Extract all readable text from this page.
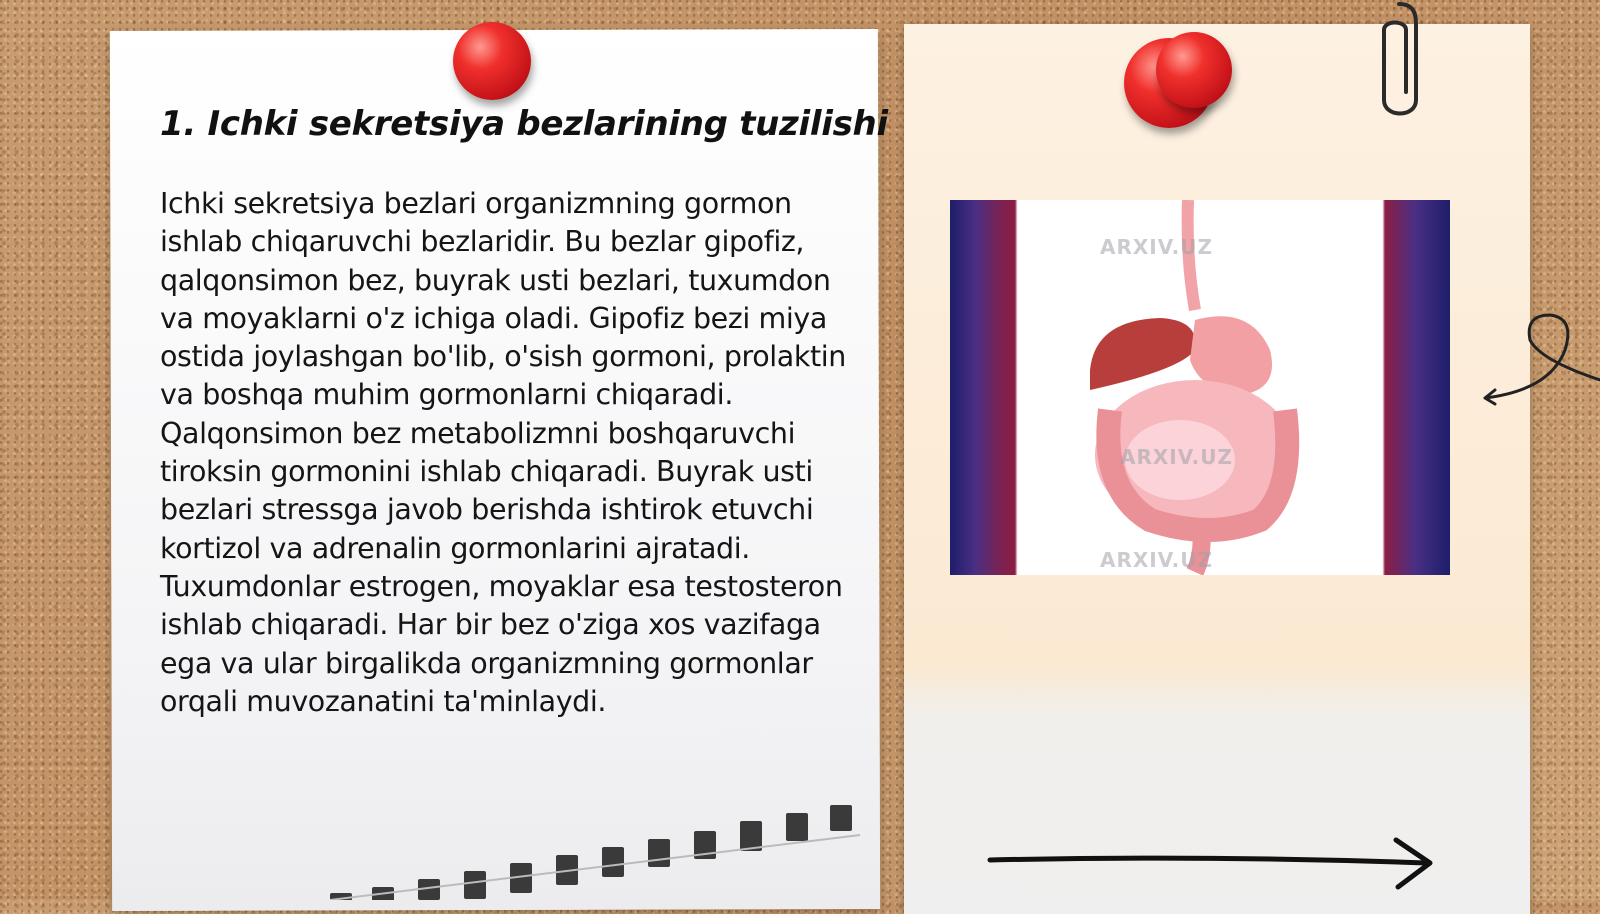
1. Ichki sekretsiya bezlarining tuzilishi
Ichki sekretsiya bezlari organizmning gormon ishlab chiqaruvchi bezlaridir. Bu bezlar gipofiz, qalqonsimon bez, buyrak usti bezlari, tuxumdon va moyaklarni o'z ichiga oladi. Gipofiz bezi miya ostida joylashgan bo'lib, o'sish gormoni, prolaktin va boshqa muhim gormonlarni chiqaradi. Qalqonsimon bez metabolizmni boshqaruvchi tiroksin gormonini ishlab chiqaradi. Buyrak usti bezlari stressga javob berishda ishtirok etuvchi kortizol va adrenalin gormonlarini ajratadi. Tuxumdonlar estrogen, moyaklar esa testosteron ishlab chiqaradi. Har bir bez o'ziga xos vazifaga ega va ular birgalikda organizmning gormonlar orqali muvozanatini ta'minlaydi.
ARXIV.UZ
ARXIV.UZ
ARXIV.UZ
